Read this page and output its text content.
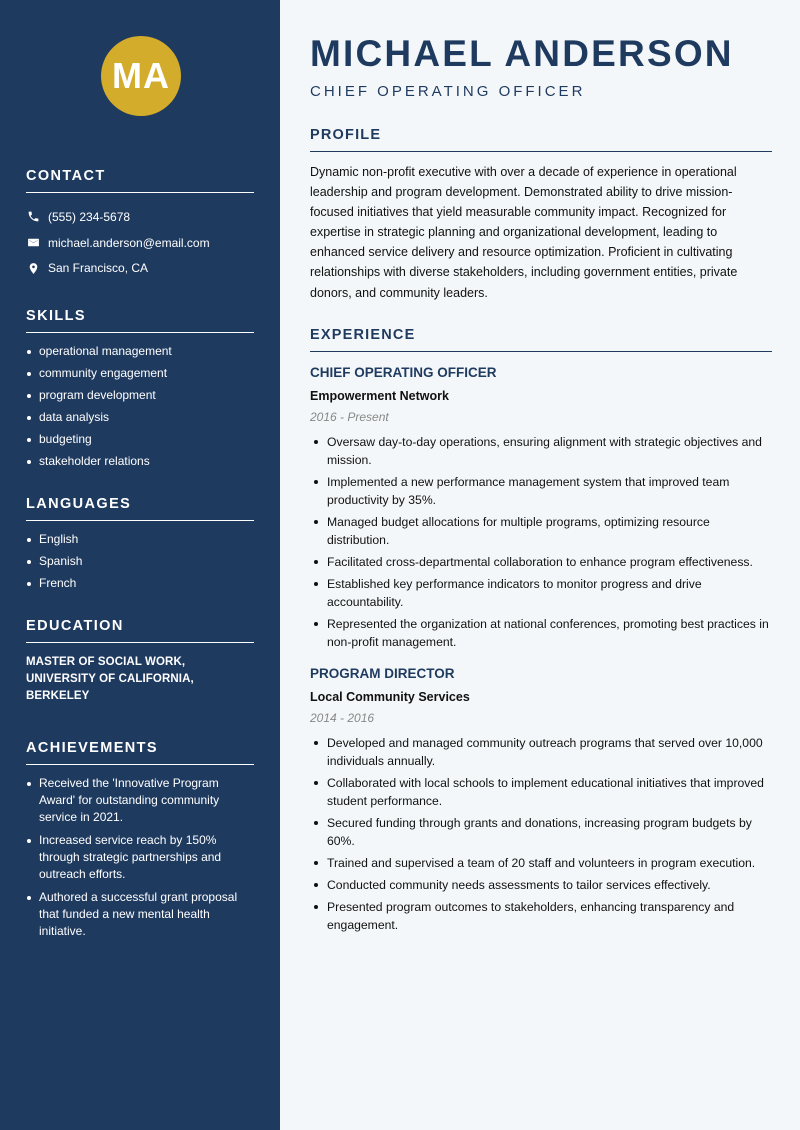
MA
CONTACT
(555) 234-5678
michael.anderson@email.com
San Francisco, CA
SKILLS
operational management
community engagement
program development
data analysis
budgeting
stakeholder relations
LANGUAGES
English
Spanish
French
EDUCATION

MASTER OF SOCIAL WORK, UNIVERSITY OF CALIFORNIA, BERKELEY

ACHIEVEMENTS
Received the 'Innovative Program Award' for outstanding community service in 2021.
Increased service reach by 150% through strategic partnerships and outreach efforts.
Authored a successful grant proposal that funded a new mental health initiative.
MICHAEL ANDERSON
CHIEF OPERATING OFFICER
PROFILE

Dynamic non-profit executive with over a decade of experience in operational leadership and program development. Demonstrated ability to drive mission-focused initiatives that yield measurable community impact. Recognized for expertise in strategic planning and organizational development, leading to enhanced service delivery and resource optimization. Proficient in cultivating relationships with diverse stakeholders, including government entities, private donors, and community leaders.

EXPERIENCE
CHIEF OPERATING OFFICER
Empowerment Network
2016 - Present
Oversaw day-to-day operations, ensuring alignment with strategic objectives and mission.
Implemented a new performance management system that improved team productivity by 35%.
Managed budget allocations for multiple programs, optimizing resource distribution.
Facilitated cross-departmental collaboration to enhance program effectiveness.
Established key performance indicators to monitor progress and drive accountability.
Represented the organization at national conferences, promoting best practices in non-profit management.
PROGRAM DIRECTOR
Local Community Services
2014 - 2016
Developed and managed community outreach programs that served over 10,000 individuals annually.
Collaborated with local schools to implement educational initiatives that improved student performance.
Secured funding through grants and donations, increasing program budgets by 60%.
Trained and supervised a team of 20 staff and volunteers in program execution.
Conducted community needs assessments to tailor services effectively.
Presented program outcomes to stakeholders, enhancing transparency and engagement.
